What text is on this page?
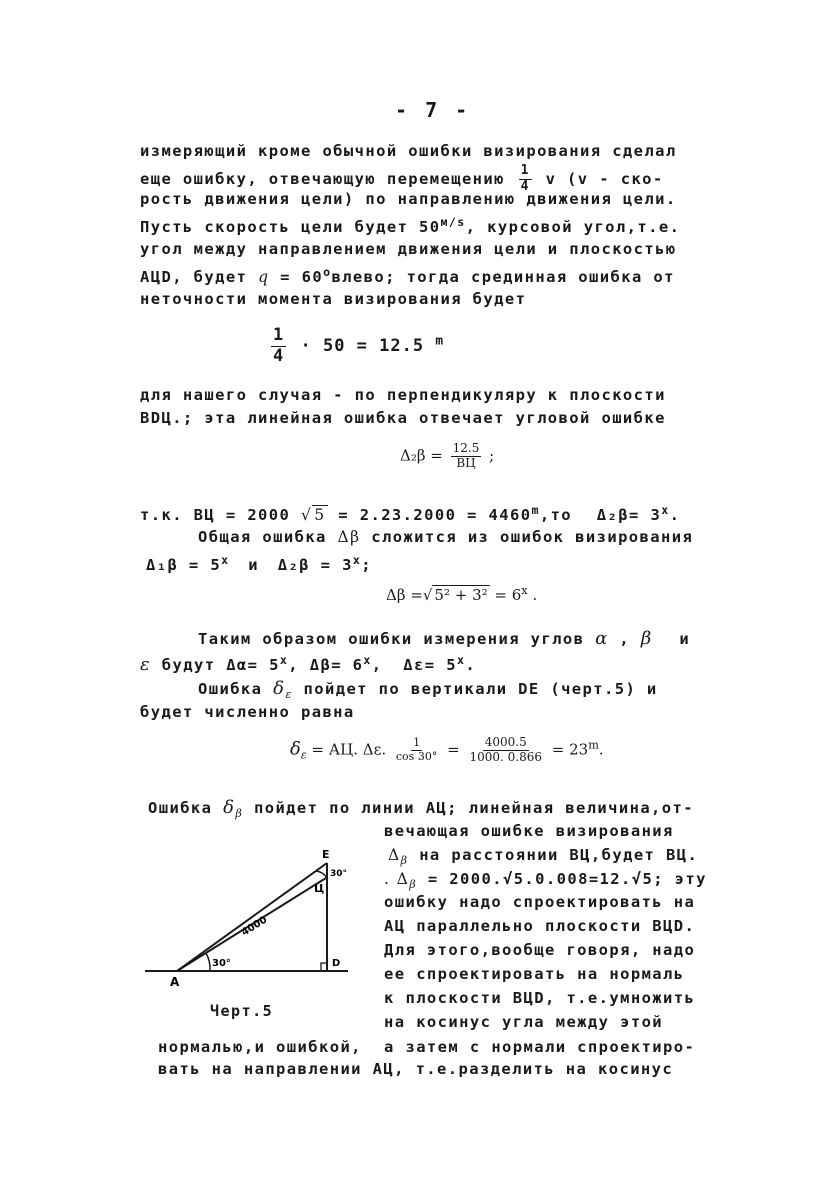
- 7 -
измеряющий кроме обычной ошибки визирования сделал
еще ошибку, отвечающую перемещению $\frac{1}{4}$ v (v - ско-
рость движения цели) по направлению движения цели.
Пусть скорость цели будет $50^{м/s}$, курсовой угол,т.е.
угол между направлением движения цели и плоскостью
АЦD, будет $q = 60^oвлево$; тогда срединная ошибка от
неточности момента визирования будет
$\frac{1}{4} \cdot 50 = 12.5$ $^m$
для нашего случая - по перпендикуляру к плоскости
BDЦ.; эта линейная ошибка отвечает угловой ошибке
$\Delta_2\beta = \frac{12.5}{ВЦ}$ ;
т.к. ВЦ = 2000 √ $5 = 2.23.2000 = 4460^m,то$ $\Delta_2\beta= 3^x$.
Общая ошибка Δβ сложится из ошибок визирования
$\Delta_1\beta = 5^x$ и $\Delta_2\beta = 3^x$;
Δβ =√ $5^2 + 3^2 = 6^x$ .
Таким образом ошибки измерения углов α , β и
ε будут $\Delta\alpha= 5^x$, $\Delta\beta= 6^x$, $\Delta\varepsilon= 5^x$.
Ошибка $\delta_\varepsilon$ пойдет по вертикали DE (черт.5) и
будет численно равна
$\delta_\varepsilon$ = АЦ. Δε. $\frac{1}{\cos 30^\circ} = \frac{4000.5}{1000. 0.866} = 23^m$.
Ошибка $\delta_\beta$ пойдет по линии АЦ; линейная величина,от-
вечающая ошибке визирования
$\Delta_\beta$ на расстоянии ВЦ,будет ВЦ.
. $\Delta_\beta = 2000.√5.0.008=12.√5$; эту
ошибку надо спроектировать на
АЦ параллельно плоскости ВЦD.
Для этого,вообще говоря, надо
ее спроектировать на нормаль
к плоскости ВЦD, т.е.умножить
на косинус угла между этой
нормалью,и ошибкой, а затем с нормали спроектиро-
вать на направлении АЦ, т.е.разделить на косинус
A
E
Ц
D
30°
30°
4000
Черт.5
